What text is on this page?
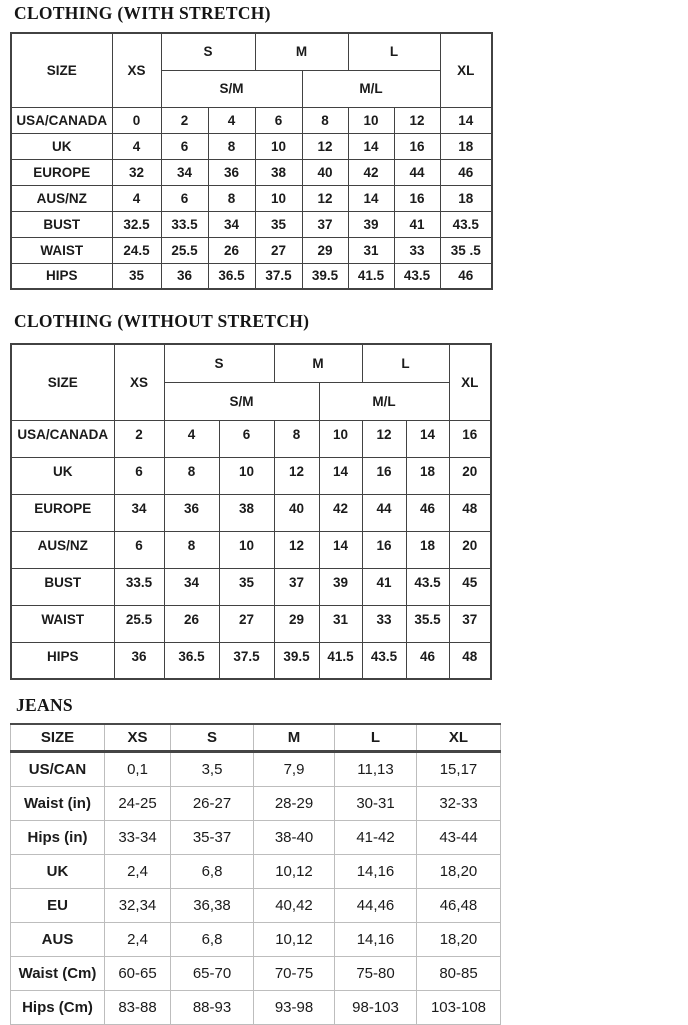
CLOTHING (WITH STRETCH)
SIZE	XS	S		M		L		XL
		S/M			M/L			
USA/CANADA	0	2	4	6	8	10	12	14
UK	4	6	8	10	12	14	16	18
EUROPE	32	34	36	38	40	42	44	46
AUS/NZ	4	6	8	10	12	14	16	18
BUST	32.5	33.5	34	35	37	39	41	43.5
WAIST	24.5	25.5	26	27	29	31	33	35 .5
HIPS	35	36	36.5	37.5	39.5	41.5	43.5	46
CLOTHING (WITHOUT STRETCH)
SIZE	XS	S		M		L		XL
		S/M			M/L			
USA/CANADA	2	4	6	8	10	12	14	16
UK	6	8	10	12	14	16	18	20
EUROPE	34	36	38	40	42	44	46	48
AUS/NZ	6	8	10	12	14	16	18	20
BUST	33.5	34	35	37	39	41	43.5	45
WAIST	25.5	26	27	29	31	33	35.5	37
HIPS	36	36.5	37.5	39.5	41.5	43.5	46	48
JEANS
SIZE	XS	S	M	L	XL
US/CAN	0,1	3,5	7,9	11,13	15,17
Waist (in)	24-25	26-27	28-29	30-31	32-33
Hips (in)	33-34	35-37	38-40	41-42	43-44
UK	2,4	6,8	10,12	14,16	18,20
EU	32,34	36,38	40,42	44,46	46,48
AUS	2,4	6,8	10,12	14,16	18,20
Waist (Cm)	60-65	65-70	70-75	75-80	80-85
Hips (Cm)	83-88	88-93	93-98	98-103	103-108
